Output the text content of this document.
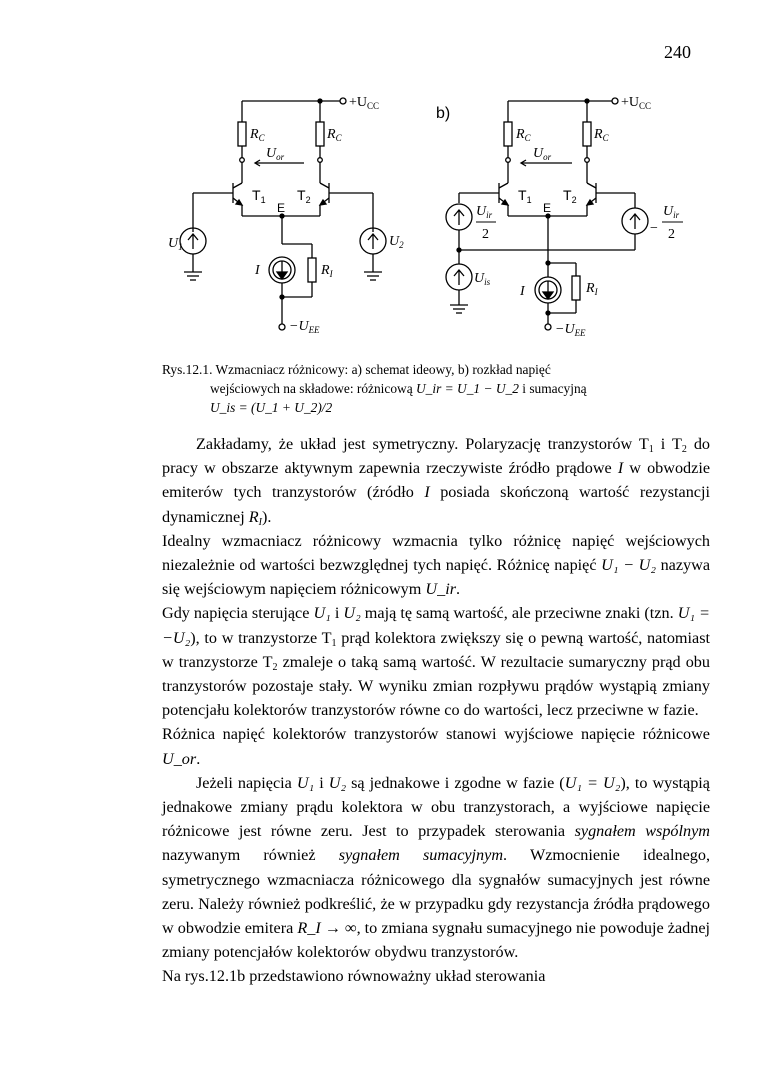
240
$+U_{CC}$
$R_C$	$R_C$
$U_{or}$
$T_1$ $T_2$
E
$U_1$	$U_2$
I	$R_I$
$-U_{EE}$
b)
$+U_{CC}$
$R_C$	$R_C$
$U_{or}$
$T_1$ $T_2$
E
$U_{ir}$
2	−
$U_{ir}$
2
$U_{is}$
I	$R_I$
$-U_{EE}$
Rys.12.1. Wzmacniacz różnicowy: a) schemat ideowy, b) rozkład napięć
wejściowych na składowe: różnicową U_ir = U_1 − U_2 i sumacyjną
U_is = (U_1 + U_2)/2

Zakładamy, że układ jest symetryczny. Polaryzację tranzystorów $T_1$ i $T_2$ do pracy w obszarze aktywnym zapewnia rzeczywiste źródło prądowe I w obwodzie emiterów tych tranzystorów (źródło I posiada skończoną wartość rezystancji dynamicznej $R_I$).

Idealny wzmacniacz różnicowy wzmacnia tylko różnicę napięć wejściowych niezależnie od wartości bezwzględnej tych napięć. Różnicę napięć U₁ − U₂ nazywa się wejściowym napięciem różnicowym U_ir.

Gdy napięcia sterujące U₁ i U₂ mają tę samą wartość, ale przeciwne znaki (tzn. U₁ = −U₂), to w tranzystorze $T_1$ prąd kolektora zwiększy się o pewną wartość, natomiast w tranzystorze $T_2$ zmaleje o taką samą wartość. W rezultacie sumaryczny prąd obu tranzystorów pozostaje stały. W wyniku zmian rozpływu prądów wystąpią zmiany potencjału kolektorów tranzystorów równe co do wartości, lecz przeciwne w fazie.

Różnica napięć kolektorów tranzystorów stanowi wyjściowe napięcie różnicowe U_or.

Jeżeli napięcia U₁ i U₂ są jednakowe i zgodne w fazie (U₁ = U₂), to wystąpią jednakowe zmiany prądu kolektora w obu tranzystorach, a wyjściowe napięcie różnicowe jest równe zeru. Jest to przypadek sterowania sygnałem wspólnym nazywanym również sygnałem sumacyjnym. Wzmocnienie idealnego, symetrycznego wzmacniacza różnicowego dla sygnałów sumacyjnych jest równe zeru. Należy również podkreślić, że w przypadku gdy rezystancja źródła prądowego w obwodzie emitera R_I → ∞, to zmiana sygnału sumacyjnego nie powoduje żadnej zmiany potencjałów kolektorów obydwu tranzystorów.

Na rys.12.1b przedstawiono równoważny układ sterowania
